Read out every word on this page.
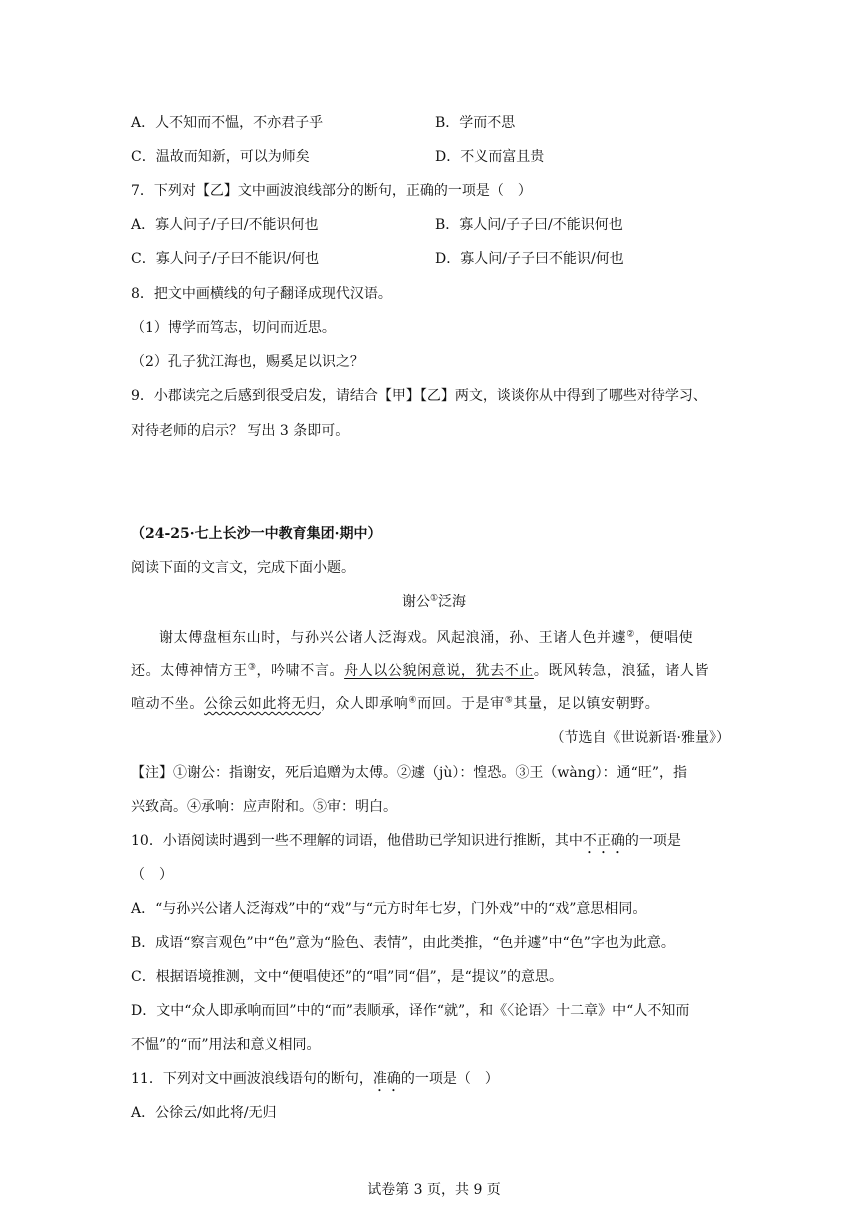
A．人不知而不愠，不亦君子乎	B．学而不思
C．温故而知新，可以为师矣	D．不义而富且贵
7．下列对【乙】文中画波浪线部分的断句，正确的一项是（　）
A．寡人问子/子曰/不能识何也	B．寡人问/子子曰/不能识何也
C．寡人问子/子曰不能识/何也	D．寡人问/子子曰不能识/何也
8．把文中画横线的句子翻译成现代汉语。
（1）博学而笃志，切问而近思。
（2）孔子犹江海也，赐奚足以识之？
9．小郡读完之后感到很受启发，请结合【甲】【乙】两文，谈谈你从中得到了哪些对待学习、
对待老师的启示？ 写出 3 条即可。
（24-25·七上长沙一中教育集团·期中）
阅读下面的文言文，完成下面小题。
谢公①泛海
谢太傅盘桓东山时，与孙兴公诸人泛海戏。风起浪涌，孙、王诸人色并遽②，便唱使
还。太傅神情方王③，吟啸不言。舟人以公貌闲意说，犹去不止。既风转急，浪猛，诸人皆
喧动不坐。公徐云如此将无归，众人即承响④而回。于是审⑤其量，足以镇安朝野。
（节选自《世说新语·雅量》）
【注】①谢公：指谢安，死后追赠为太傅。②遽（jù）：惶恐。③王（wàng）：通“旺”，指
兴致高。④承响：应声附和。⑤审：明白。
10．小语阅读时遇到一些不理解的词语，他借助已学知识进行推断，其中不正确的一项是
（　）
A．“与孙兴公诸人泛海戏”中的“戏”与“元方时年七岁，门外戏”中的“戏”意思相同。
B．成语“察言观色”中“色”意为“脸色、表情”，由此类推，“色并遽”中“色”字也为此意。
C．根据语境推测，文中“便唱使还”的“唱”同“倡”，是“提议”的意思。
D．文中“众人即承响而回”中的“而”表顺承，译作“就”，和《〈论语〉十二章》中“人不知而
不愠”的“而”用法和意义相同。
11．下列对文中画波浪线语句的断句，准确的一项是（　）
A．公徐云/如此将/无归
试卷第 3 页，共 9 页
